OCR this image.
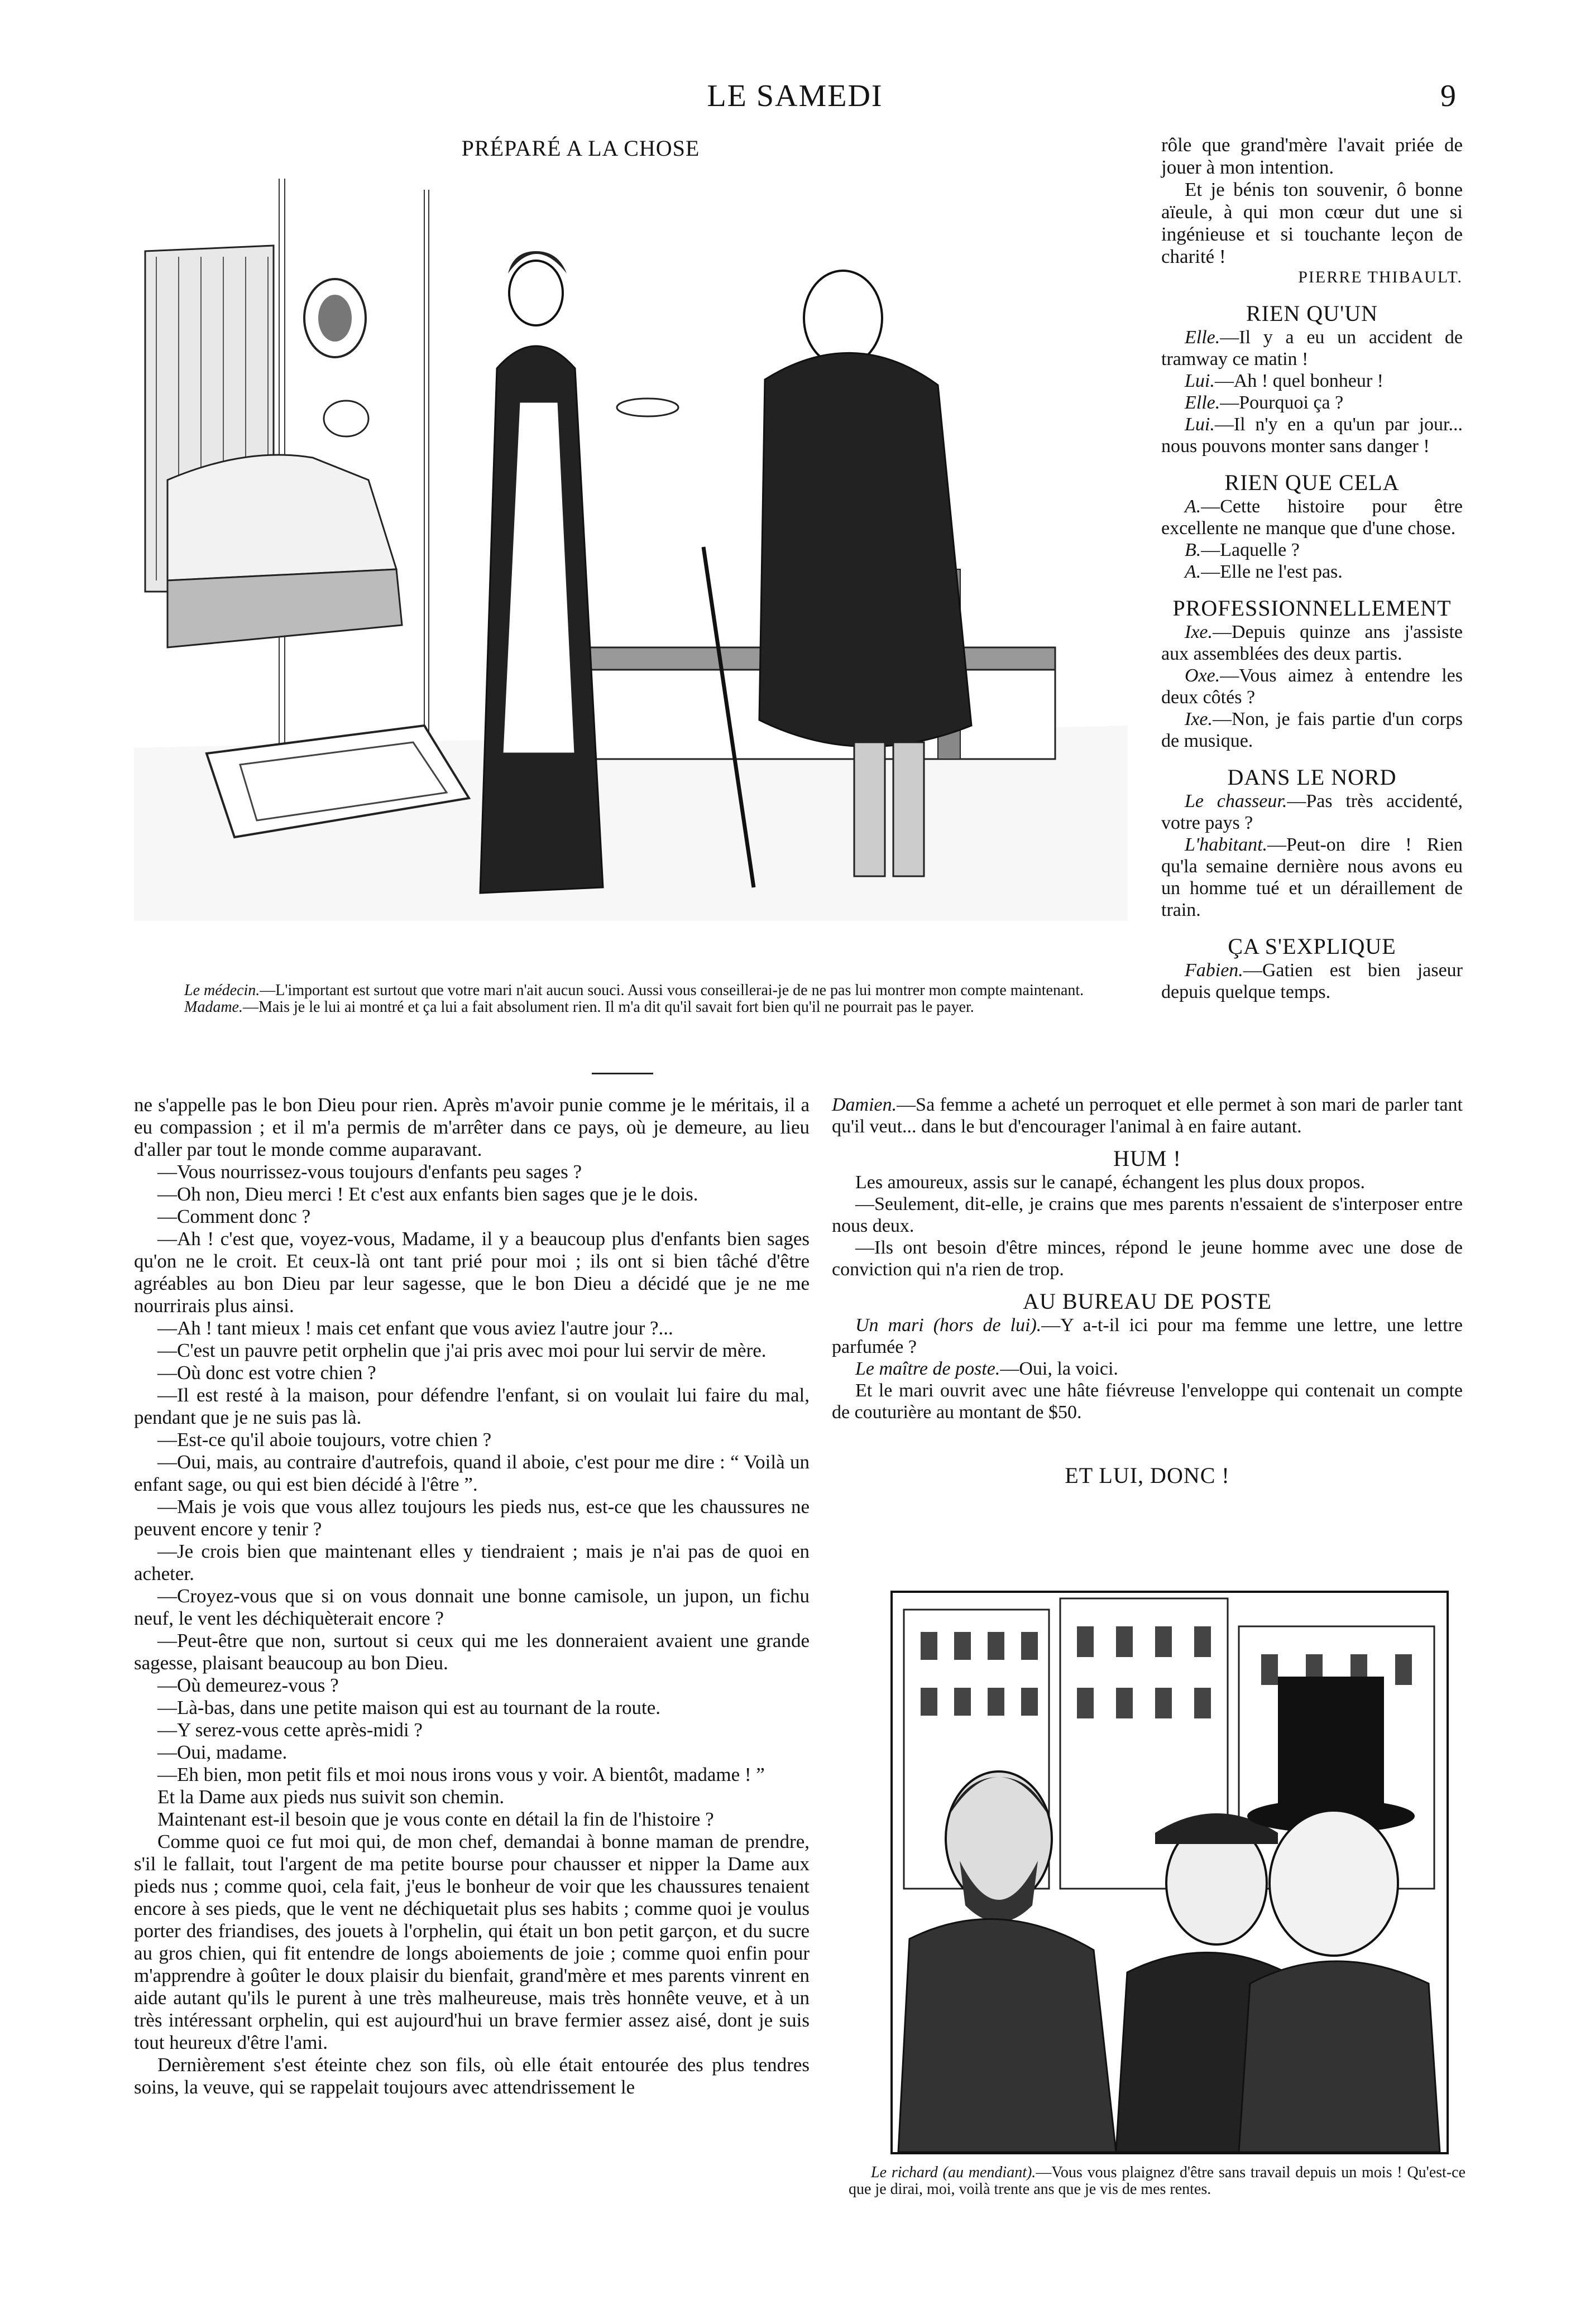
LE SAMEDI	9
PRÉPARÉ A LA CHOSE

Le médecin.—L'important est surtout que votre mari n'ait aucun souci. Aussi vous conseillerai-je de ne pas lui montrer mon compte maintenant.

Madame.—Mais je le lui ai montré et ça lui a fait absolument rien. Il m'a dit qu'il savait fort bien qu'il ne pourrait pas le payer.

rôle que grand'mère l'avait priée de jouer à mon intention.

Et je bénis ton souvenir, ô bonne aïeule, à qui mon cœur dut une si ingénieuse et si touchante leçon de charité !

PIERRE THIBAULT.

RIEN QU'UN

Elle.—Il y a eu un accident de tramway ce matin !

Lui.—Ah ! quel bonheur !

Elle.—Pourquoi ça ?

Lui.—Il n'y en a qu'un par jour... nous pouvons monter sans danger !

RIEN QUE CELA

A.—Cette histoire pour être excellente ne manque que d'une chose.

B.—Laquelle ?

A.—Elle ne l'est pas.

PROFESSIONNELLEMENT

Ixe.—Depuis quinze ans j'assiste aux assemblées des deux partis.

Oxe.—Vous aimez à entendre les deux côtés ?

Ixe.—Non, je fais partie d'un corps de musique.

DANS LE NORD

Le chasseur.—Pas très accidenté, votre pays ?

L'habitant.—Peut-on dire ! Rien qu'la semaine dernière nous avons eu un homme tué et un déraillement de train.

ÇA S'EXPLIQUE

Fabien.—Gatien est bien jaseur depuis quelque temps.

ne s'appelle pas le bon Dieu pour rien. Après m'avoir punie comme je le méritais, il a eu compassion ; et il m'a permis de m'arrêter dans ce pays, où je demeure, au lieu d'aller par tout le monde comme auparavant.

—Vous nourrissez-vous toujours d'enfants peu sages ?

—Oh non, Dieu merci ! Et c'est aux enfants bien sages que je le dois.

—Comment donc ?

—Ah ! c'est que, voyez-vous, Madame, il y a beaucoup plus d'enfants bien sages qu'on ne le croit. Et ceux-là ont tant prié pour moi ; ils ont si bien tâché d'être agréables au bon Dieu par leur sagesse, que le bon Dieu a décidé que je ne me nourrirais plus ainsi.

—Ah ! tant mieux ! mais cet enfant que vous aviez l'autre jour ?...

—C'est un pauvre petit orphelin que j'ai pris avec moi pour lui servir de mère.

—Où donc est votre chien ?

—Il est resté à la maison, pour défendre l'enfant, si on voulait lui faire du mal, pendant que je ne suis pas là.

—Est-ce qu'il aboie toujours, votre chien ?

—Oui, mais, au contraire d'autrefois, quand il aboie, c'est pour me dire : “ Voilà un enfant sage, ou qui est bien décidé à l'être ”.

—Mais je vois que vous allez toujours les pieds nus, est-ce que les chaussures ne peuvent encore y tenir ?

—Je crois bien que maintenant elles y tiendraient ; mais je n'ai pas de quoi en acheter.

—Croyez-vous que si on vous donnait une bonne camisole, un jupon, un fichu neuf, le vent les déchiquèterait encore ?

—Peut-être que non, surtout si ceux qui me les donneraient avaient une grande sagesse, plaisant beaucoup au bon Dieu.

—Où demeurez-vous ?

—Là-bas, dans une petite maison qui est au tournant de la route.

—Y serez-vous cette après-midi ?

—Oui, madame.

—Eh bien, mon petit fils et moi nous irons vous y voir. A bientôt, madame ! ”

Et la Dame aux pieds nus suivit son chemin.

Maintenant est-il besoin que je vous conte en détail la fin de l'histoire ?

Comme quoi ce fut moi qui, de mon chef, demandai à bonne maman de prendre, s'il le fallait, tout l'argent de ma petite bourse pour chausser et nipper la Dame aux pieds nus ; comme quoi, cela fait, j'eus le bonheur de voir que les chaussures tenaient encore à ses pieds, que le vent ne déchiquetait plus ses habits ; comme quoi je voulus porter des friandises, des jouets à l'orphelin, qui était un bon petit garçon, et du sucre au gros chien, qui fit entendre de longs aboiements de joie ; comme quoi enfin pour m'apprendre à goûter le doux plaisir du bienfait, grand'mère et mes parents vinrent en aide autant qu'ils le purent à une très malheureuse, mais très honnête veuve, et à un très intéressant orphelin, qui est aujourd'hui un brave fermier assez aisé, dont je suis tout heureux d'être l'ami.

Dernièrement s'est éteinte chez son fils, où elle était entourée des plus tendres soins, la veuve, qui se rappelait toujours avec attendrissement le

Damien.—Sa femme a acheté un perroquet et elle permet à son mari de parler tant qu'il veut... dans le but d'encourager l'animal à en faire autant.

HUM !

Les amoureux, assis sur le canapé, échangent les plus doux propos.

—Seulement, dit-elle, je crains que mes parents n'essaient de s'interposer entre nous deux.

—Ils ont besoin d'être minces, répond le jeune homme avec une dose de conviction qui n'a rien de trop.

AU BUREAU DE POSTE

Un mari (hors de lui).—Y a-t-il ici pour ma femme une lettre, une lettre parfumée ?

Le maître de poste.—Oui, la voici.

Et le mari ouvrit avec une hâte fiévreuse l'enveloppe qui contenait un compte de couturière au montant de $50.

ET LUI, DONC !

Le richard (au mendiant).—Vous vous plaignez d'être sans travail depuis un mois ! Qu'est-ce que je dirai, moi, voilà trente ans que je vis de mes rentes.
